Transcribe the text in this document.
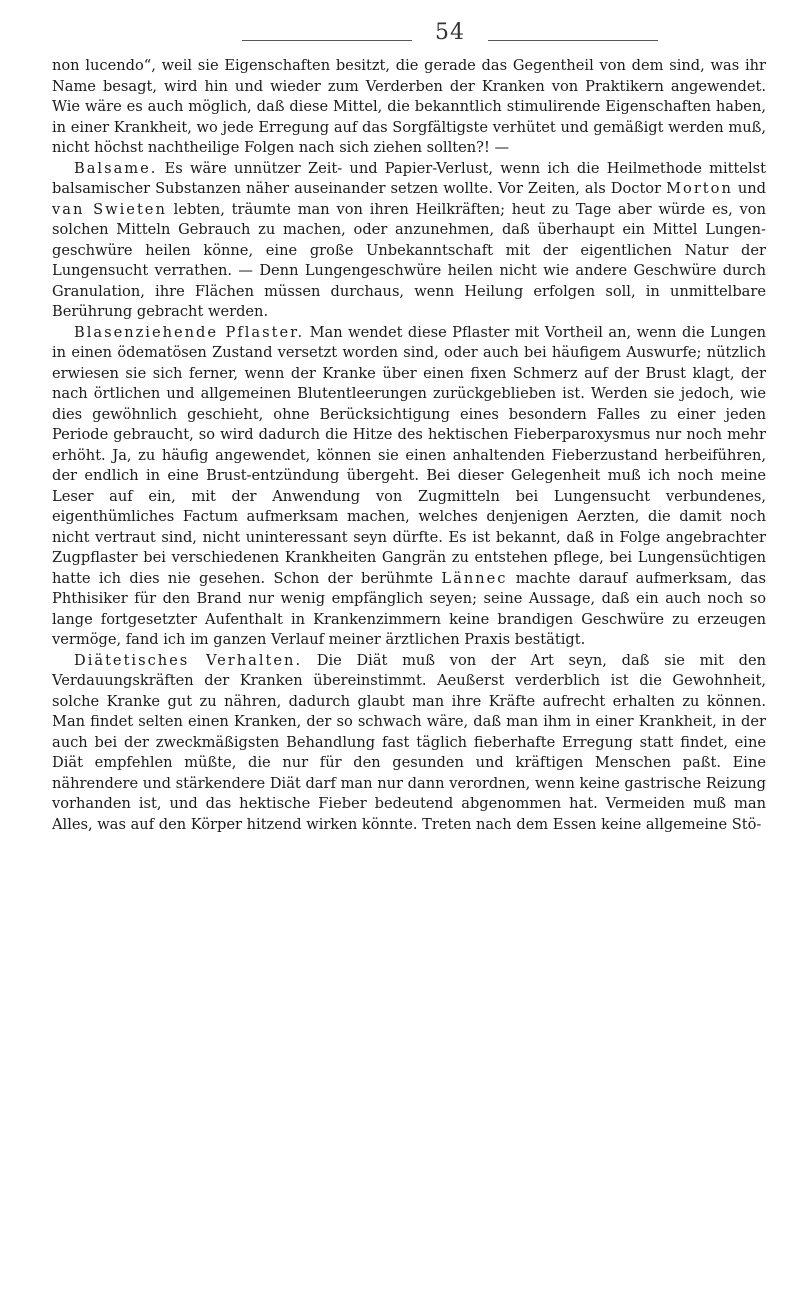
54

non lucendo“, weil sie Eigenschaften besitzt, die gerade das Gegentheil von dem sind, was ihr Name besagt, wird hin und wieder zum Verderben der Kranken von Praktikern angewendet. Wie wäre es auch möglich, daß diese Mittel, die bekanntlich stimulirende Eigenschaften haben, in einer Krankheit, wo jede Erregung auf das Sorgfältigste verhütet und gemäßigt werden muß, nicht höchst nachtheilige Folgen nach sich ziehen sollten?! —

Balsame. Es wäre unnützer Zeit- und Papier-Verlust, wenn ich die Heilmethode mittelst balsamischer Substanzen näher auseinander setzen wollte. Vor Zeiten, als Doctor Morton und van Swieten lebten, träumte man von ihren Heilkräften; heut zu Tage aber würde es, von solchen Mitteln Gebrauch zu machen, oder anzunehmen, daß überhaupt ein Mittel Lungen-geschwüre heilen könne, eine große Unbekanntschaft mit der eigentlichen Natur der Lungensucht verrathen. — Denn Lungengeschwüre heilen nicht wie andere Geschwüre durch Granulation, ihre Flächen müssen durchaus, wenn Heilung erfolgen soll, in unmittelbare Berührung gebracht werden.

Blasenziehende Pflaster. Man wendet diese Pflaster mit Vortheil an, wenn die Lungen in einen ödematösen Zustand versetzt worden sind, oder auch bei häufigem Auswurfe; nützlich erwiesen sie sich ferner, wenn der Kranke über einen fixen Schmerz auf der Brust klagt, der nach örtlichen und allgemeinen Blutentleerungen zurückgeblieben ist. Werden sie jedoch, wie dies gewöhnlich geschieht, ohne Berücksichtigung eines besondern Falles zu einer jeden Periode gebraucht, so wird dadurch die Hitze des hektischen Fieberparoxysmus nur noch mehr erhöht. Ja, zu häufig angewendet, können sie einen anhaltenden Fieberzustand herbeiführen, der endlich in eine Brust-entzündung übergeht. Bei dieser Gelegenheit muß ich noch meine Leser auf ein, mit der Anwendung von Zugmitteln bei Lungensucht verbundenes, eigenthümliches Factum aufmerksam machen, welches denjenigen Aerzten, die damit noch nicht vertraut sind, nicht uninteressant seyn dürfte. Es ist bekannt, daß in Folge angebrachter Zugpflaster bei verschiedenen Krankheiten Gangrän zu entstehen pflege, bei Lungensüchtigen hatte ich dies nie gesehen. Schon der berühmte Lännec machte darauf aufmerksam, das Phthisiker für den Brand nur wenig empfänglich seyen; seine Aussage, daß ein auch noch so lange fortgesetzter Aufenthalt in Krankenzimmern keine brandigen Geschwüre zu erzeugen vermöge, fand ich im ganzen Verlauf meiner ärztlichen Praxis bestätigt.

Diätetisches Verhalten. Die Diät muß von der Art seyn, daß sie mit den Verdauungskräften der Kranken übereinstimmt. Aeußerst verderblich ist die Gewohnheit, solche Kranke gut zu nähren, dadurch glaubt man ihre Kräfte aufrecht erhalten zu können. Man findet selten einen Kranken, der so schwach wäre, daß man ihm in einer Krankheit, in der auch bei der zweckmäßigsten Behandlung fast täglich fieberhafte Erregung statt findet, eine Diät empfehlen müßte, die nur für den gesunden und kräftigen Menschen paßt. Eine nährendere und stärkendere Diät darf man nur dann verordnen, wenn keine gastrische Reizung vorhanden ist, und das hektische Fieber bedeutend abgenommen hat. Vermeiden muß man Alles, was auf den Körper hitzend wirken könnte. Treten nach dem Essen keine allgemeine Stö-
